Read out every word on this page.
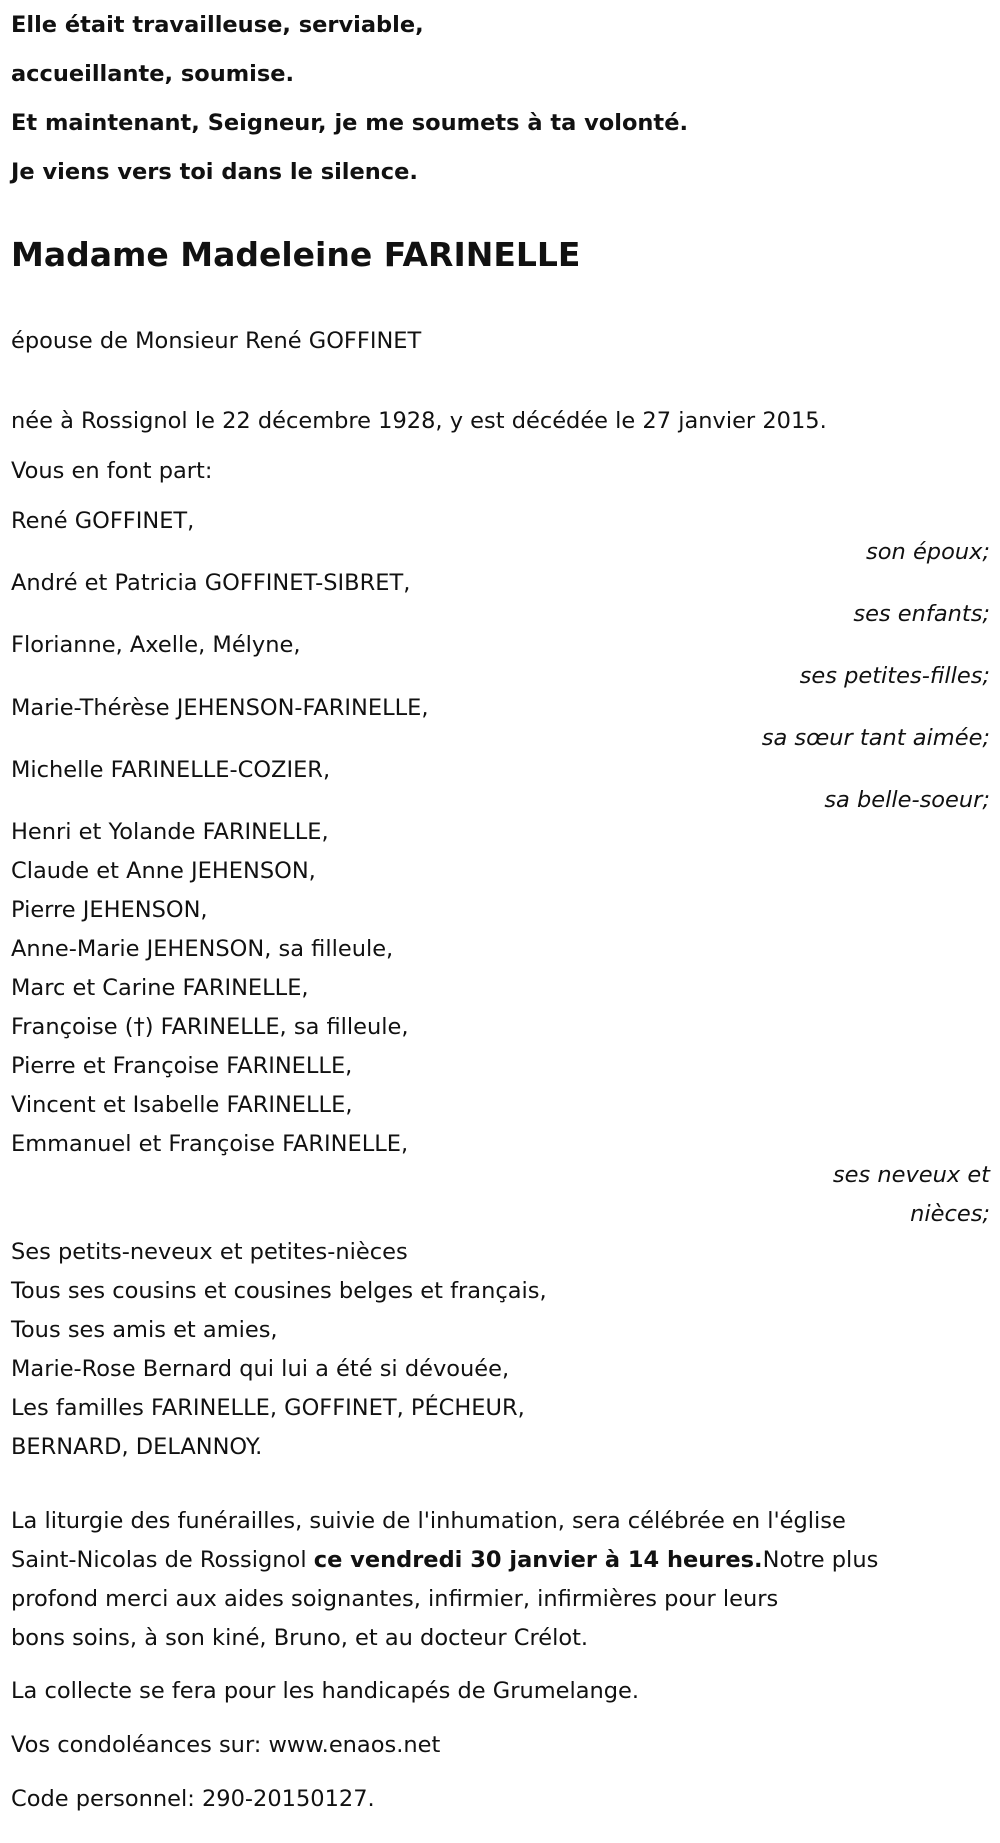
Elle était travailleuse, serviable,
accueillante, soumise.
Et maintenant, Seigneur, je me soumets à ta volonté.
Je viens vers toi dans le silence.
Madame Madeleine FARINELLE
épouse de Monsieur René GOFFINET
née à Rossignol le 22 décembre 1928, y est décédée le 27 janvier 2015.
Vous en font part:
René GOFFINET,
son époux;
André et Patricia GOFFINET-SIBRET,
ses enfants;
Florianne, Axelle, Mélyne,
ses petites-filles;
Marie-Thérèse JEHENSON-FARINELLE,
sa sœur tant aimée;
Michelle FARINELLE-COZIER,
sa belle-soeur;
Henri et Yolande FARINELLE,
Claude et Anne JEHENSON,
Pierre JEHENSON,
Anne-Marie JEHENSON, sa filleule,
Marc et Carine FARINELLE,
Françoise (†) FARINELLE, sa filleule,
Pierre et Françoise FARINELLE,
Vincent et Isabelle FARINELLE,
Emmanuel et Françoise FARINELLE,
ses neveux et
nièces;
Ses petits-neveux et petites-nièces
Tous ses cousins et cousines belges et français,
Tous ses amis et amies,
Marie-Rose Bernard qui lui a été si dévouée,
Les familles FARINELLE, GOFFINET, PÉCHEUR,
BERNARD, DELANNOY.
La liturgie des funérailles, suivie de l'inhumation, sera célébrée en l'église
Saint-Nicolas de Rossignol ce vendredi 30 janvier à 14 heures.Notre plus
profond merci aux aides soignantes, infirmier, infirmières pour leurs
bons soins, à son kiné, Bruno, et au docteur Crélot.
La collecte se fera pour les handicapés de Grumelange.
Vos condoléances sur: www.enaos.net
Code personnel: 290-20150127.
